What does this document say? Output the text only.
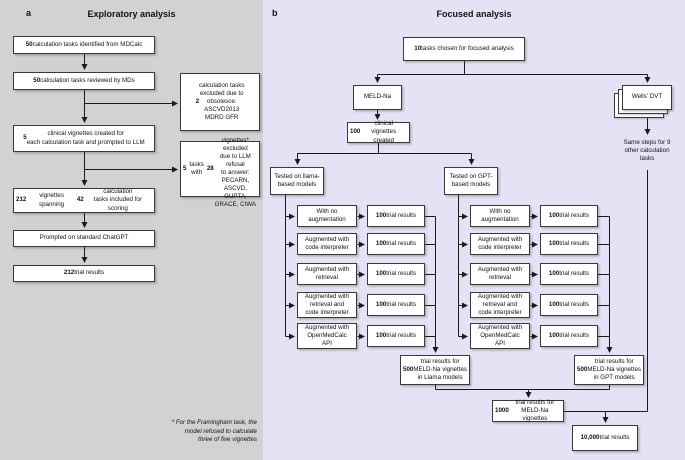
a	Exploratory analysis
50 calculation tasks identified from MDCalc
50 calculation tasks reviewed by MDs
2
calculation tasks
excluded due to
obsolesce:
ASCVD2013
MDRD GFR
5
clinical vignettes created for
each calculation task and prompted to LLM
5
tasks with
28

vignettes* excluded
due to LLM refusal
to answer: PECARN,
ASCVD, GUPTA,

212
vignettes spanning
42
calculation
tasks included for scoring
Prompted on standard ChatGPT
212 trial results
* For the Framingham task, the
model refused to calculate
three of five vignettes
b	Focused analysis
10 tasks chosen for focused analysis
MELD-Na	Wells' DVT
100
clinical
vignettes created	Same steps for 9
other calculation
tasks
Tested on llama-
based models
Tested on GPT-
based models
With no
augmentation
Augmented with
code interpreter
Augmented with
retrieval
Augmented with
retrieval and
code interpreter
Augmented with
OpenMedCalc
API
100 trial results
100 trial results
100 trial results
100 trial results
100 trial results
With no
augmentation
Augmented with
code interpreter
Augmented with
retrieval
Augmented with
retrieval and
code interpreter
Augmented with
OpenMedCalc
API
100 trial results
100 trial results
100 trial results
100 trial results
100 trial results
500
trial results for
MELD-Na vignettes
in Llama models
500
trial results for
MELD-Na vignettes
in GPT models
1000
trial results for
MELD-Na vignettes
10,000 trial results
